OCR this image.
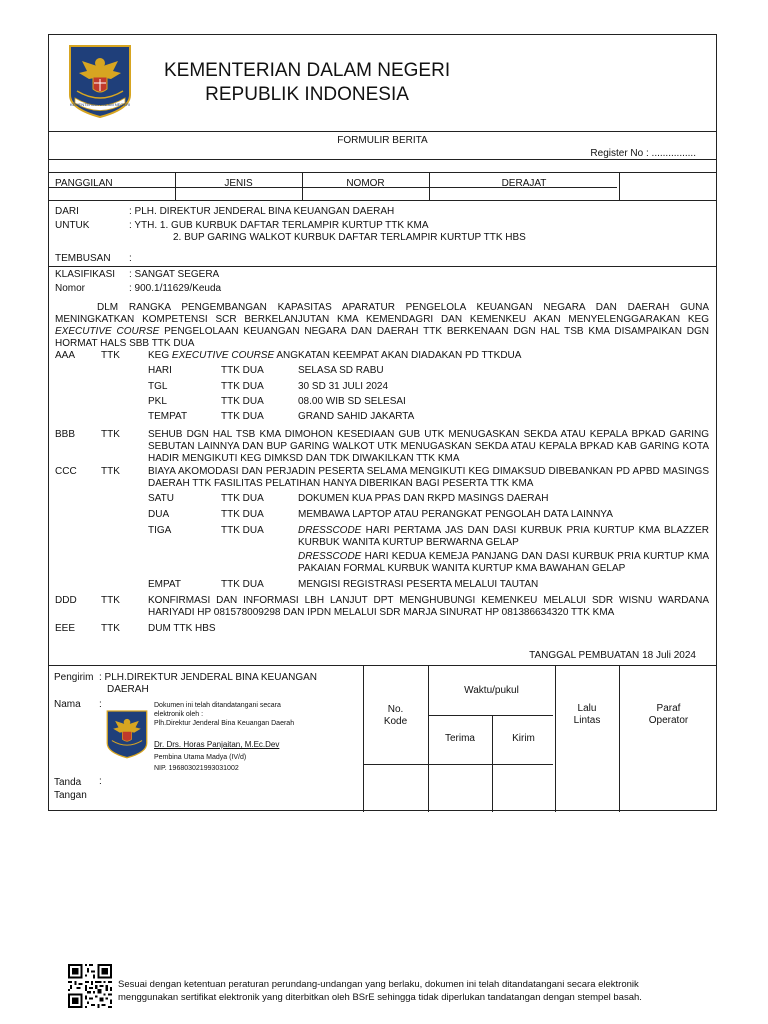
KEMENTERIAN DALAM NEGERI
KEMENTERIAN DALAM NEGERI
REPUBLIK INDONESIA
FORMULIR BERITA
Register No : ................
PANGGILAN	JENIS	NOMOR	DERAJAT
DARI	: PLH. DIREKTUR JENDERAL BINA KEUANGAN DAERAH
UNTUK	: YTH. 1. GUB KURBUK DAFTAR TERLAMPIR KURTUP TTK KMA
2. BUP GARING WALKOT KURBUK DAFTAR TERLAMPIR KURTUP TTK HBS
TEMBUSAN :
KLASIFIKASI : SANGAT SEGERA
Nomor	: 900.1/11629/Keuda
DLM RANGKA PENGEMBANGAN KAPASITAS APARATUR PENGELOLA KEUANGAN NEGARA DAN DAERAH GUNA MENINGKATKAN KOMPETENSI SCR BERKELANJUTAN KMA KEMENDAGRI DAN KEMENKEU AKAN MENYELENGGARAKAN KEG EXECUTIVE COURSE PENGELOLAAN KEUANGAN NEGARA DAN DAERAH TTK BERKENAAN DGN HAL TSB KMA DISAMPAIKAN DGN HORMAT HALS SBB TTK DUA
AAA	TTK	KEG EXECUTIVE COURSE ANGKATAN KEEMPAT AKAN DIADAKAN PD TTKDUA
HARI	TTK DUA	SELASA SD RABU
TGL	TTK DUA	30 SD 31 JULI 2024
PKL	TTK DUA	08.00 WIB SD SELESAI
TEMPAT	TTK DUA	GRAND SAHID JAKARTA
BBB	TTK	SEHUB DGN HAL TSB KMA DIMOHON KESEDIAAN GUB UTK MENUGASKAN SEKDA ATAU KEPALA BPKAD GARING SEBUTAN LAINNYA DAN BUP GARING WALKOT UTK MENUGASKAN SEKDA ATAU KEPALA BPKAD KAB GARING KOTA HADIR MENGIKUTI KEG DIMKSD DAN TDK DIWAKILKAN TTK KMA
CCC TTK	BIAYA AKOMODASI DAN PERJADIN PESERTA SELAMA MENGIKUTI KEG DIMAKSUD DIBEBANKAN PD APBD MASINGS DAERAH TTK FASILITAS PELATIHAN HANYA DIBERIKAN BAGI PESERTA TTK KMA
SATU	TTK DUA	DOKUMEN KUA PPAS DAN RKPD MASINGS DAERAH
DUA	TTK DUA	MEMBAWA LAPTOP ATAU PERANGKAT PENGOLAH DATA LAINNYA
TIGA	TTK DUA	DRESSCODE HARI PERTAMA JAS DAN DASI KURBUK PRIA KURTUP KMA BLAZZER KURBUK WANITA KURTUP BERWARNA GELAP
DRESSCODE HARI KEDUA KEMEJA PANJANG DAN DASI KURBUK PRIA KURTUP KMA PAKAIAN FORMAL KURBUK WANITA KURTUP KMA BAWAHAN GELAP
EMPAT	TTK DUA	MENGISI REGISTRASI PESERTA MELALUI TAUTAN
DDD TTK	KONFIRMASI DAN INFORMASI LBH LANJUT DPT MENGHUBUNGI KEMENKEU MELALUI SDR WISNU WARDANA HARIYADI HP 081578009298 DAN IPDN MELALUI SDR MARJA SINURAT HP 081386634320 TTK KMA
EEE	TTK	DUM TTK HBS
TANGGAL PEMBUATAN 18 Juli 2024
Pengirim : PLH.DIREKTUR JENDERAL BINA KEUANGAN
DAERAH
Nama :	Dokumen ini telah ditandatangani secara
elektronik oleh :
Plh.Direktur Jenderal Bina Keuangan Daerah
Dr. Drs. Horas Panjaitan, M.Ec.Dev
Pembina Utama Madya (IV/d)
NIP. 196803021993031002
Tanda
Tangan
:
No.
Kode
Waktu/pukul
Terima	Kirim
Lalu
Lintas
Paraf
Operator
Sesuai dengan ketentuan peraturan perundang-undangan yang berlaku, dokumen ini telah ditandatangani secara elektronik
menggunakan sertifikat elektronik yang diterbitkan oleh BSrE sehingga tidak diperlukan tandatangan dengan stempel basah.
